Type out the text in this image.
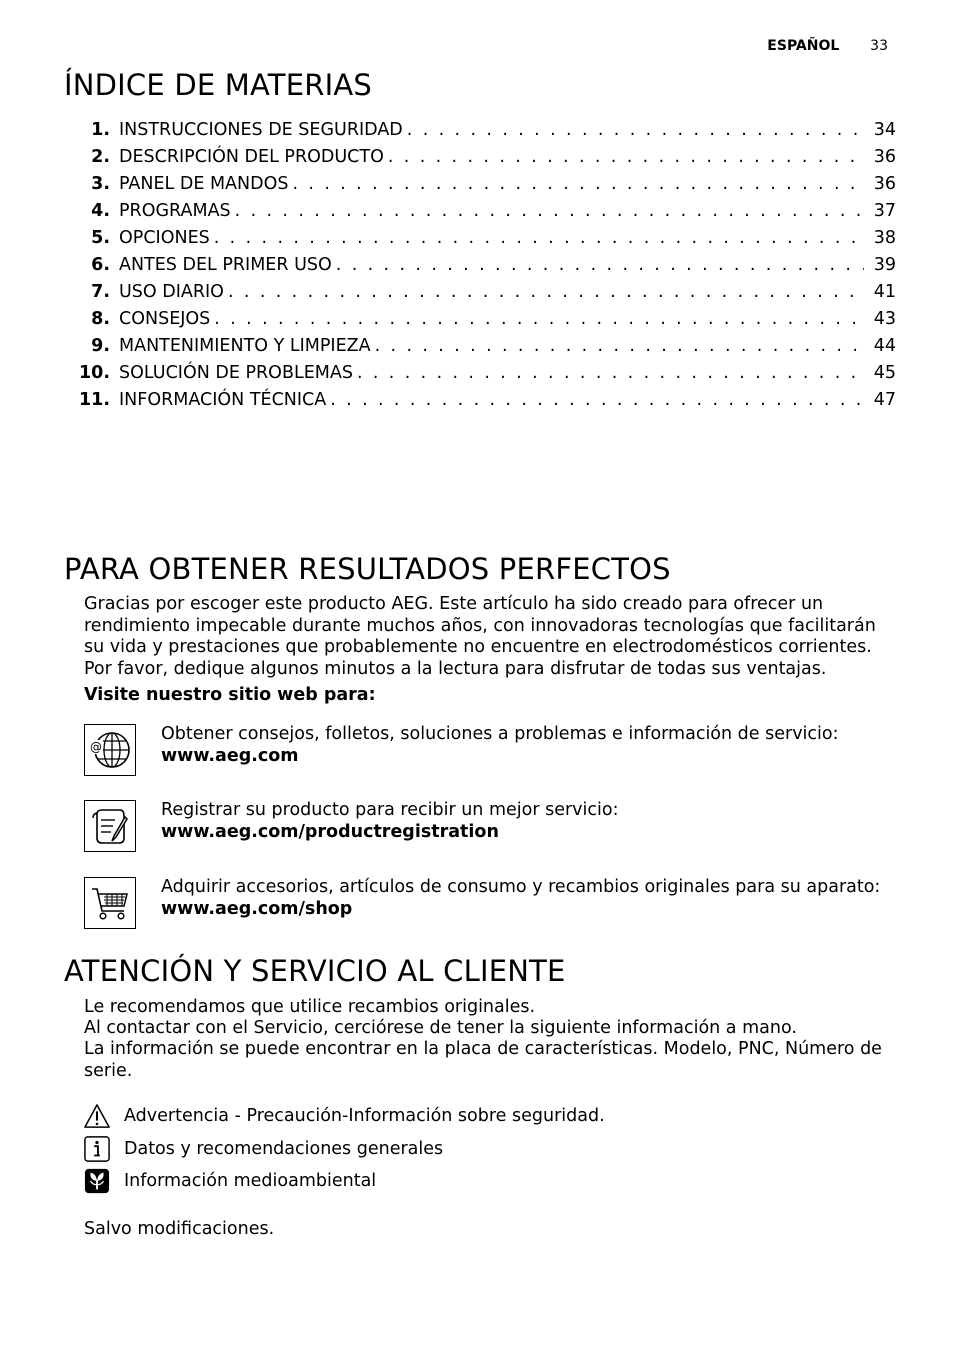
ESPAÑOL 33
ÍNDICE DE MATERIAS
1. INSTRUCCIONES DE SEGURIDAD . . .	34
2. DESCRIPCIÓN DEL PRODUCTO . . .	36
3. PANEL DE MANDOS . . .	36
4. PROGRAMAS . . .	37
5. OPCIONES . . .	38
6. ANTES DEL PRIMER USO . . .	39
7. USO DIARIO . . .	41
8. CONSEJOS . . .	43
9. MANTENIMIENTO Y LIMPIEZA . . .	44
10. SOLUCIÓN DE PROBLEMAS . . .	45
11. INFORMACIÓN TÉCNICA . . .	47
PARA OBTENER RESULTADOS PERFECTOS

Gracias por escoger este producto AEG. Este artículo ha sido creado para ofrecer un rendimiento impecable durante muchos años, con innovadoras tecnologías que facilitarán su vida y prestaciones que probablemente no encuentre en electrodomésticos corrientes. Por favor, dedique algunos minutos a la lectura para disfrutar de todas sus ventajas.

Visite nuestro sitio web para:

@
Obtener consejos, folletos, soluciones a problemas e información de servicio:
www.aeg.com
Registrar su producto para recibir un mejor servicio:
www.aeg.com/productregistration
Adquirir accesorios, artículos de consumo y recambios originales para su aparato:
www.aeg.com/shop
ATENCIÓN Y SERVICIO AL CLIENTE

Le recomendamos que utilice recambios originales.

Al contactar con el Servicio, cerciórese de tener la siguiente información a mano.

La información se puede encontrar en la placa de características. Modelo, PNC, Número de serie.

Advertencia - Precaución-Información sobre seguridad.
Datos y recomendaciones generales
Información medioambiental

Salvo modificaciones.
